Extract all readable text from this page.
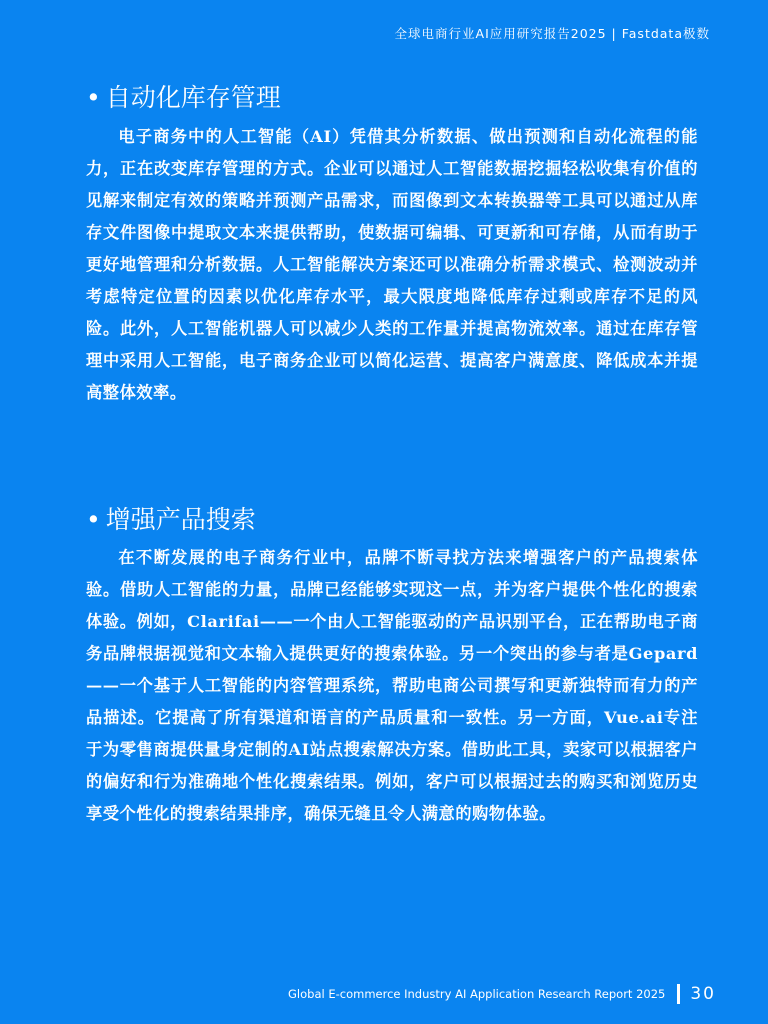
全球电商行业AI应用研究报告2025 | Fastdata极数
• 自动化库存管理

电子商务中的人工智能（AI）凭借其分析数据、做出预测和自动化流程的能力，正在改变库存管理的方式。企业可以通过人工智能数据挖掘轻松收集有价值的见解来制定有效的策略并预测产品需求，而图像到文本转换器等工具可以通过从库存文件图像中提取文本来提供帮助，使数据可编辑、可更新和可存储，从而有助于更好地管理和分析数据。人工智能解决方案还可以准确分析需求模式、检测波动并考虑特定位置的因素以优化库存水平，最大限度地降低库存过剩或库存不足的风险。此外，人工智能机器人可以减少人类的工作量并提高物流效率。通过在库存管理中采用人工智能，电子商务企业可以简化运营、提高客户满意度、降低成本并提高整体效率。

• 增强产品搜索

在不断发展的电子商务行业中，品牌不断寻找方法来增强客户的产品搜索体验。借助人工智能的力量，品牌已经能够实现这一点，并为客户提供个性化的搜索体验。例如，Clarifai——一个由人工智能驱动的产品识别平台，正在帮助电子商务品牌根据视觉和文本输入提供更好的搜索体验。另一个突出的参与者是Gepard——一个基于人工智能的内容管理系统，帮助电商公司撰写和更新独特而有力的产品描述。它提高了所有渠道和语言的产品质量和一致性。另一方面，Vue.ai专注于为零售商提供量身定制的AI站点搜索解决方案。借助此工具，卖家可以根据客户的偏好和行为准确地个性化搜索结果。例如，客户可以根据过去的购买和浏览历史享受个性化的搜索结果排序，确保无缝且令人满意的购物体验。

Global E-commerce Industry AI Application Research Report 2025 30
